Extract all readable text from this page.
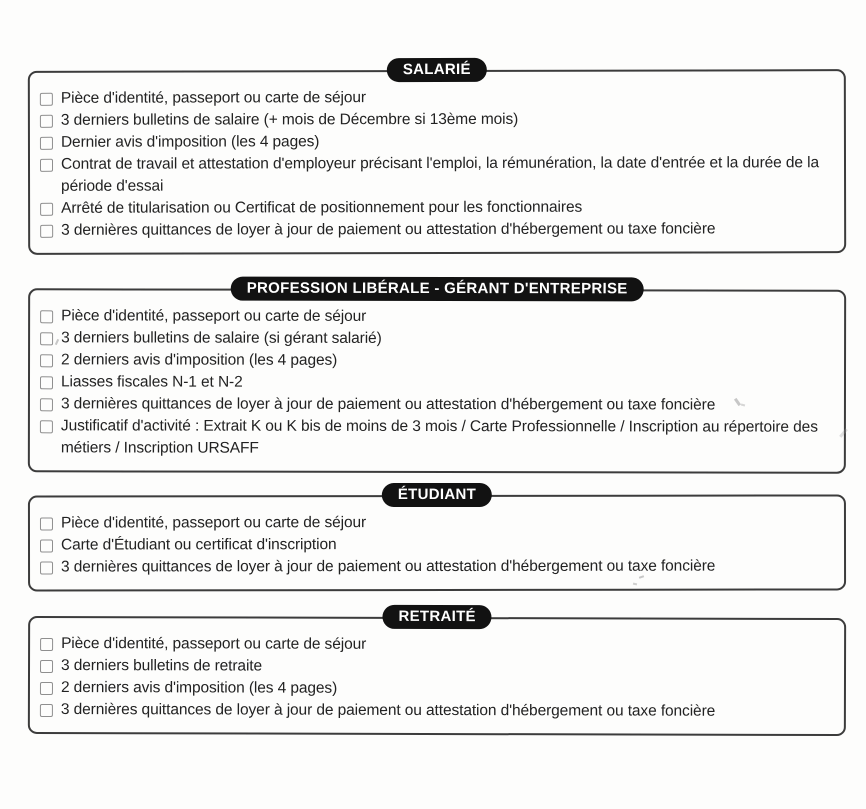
SALARIÉ
Pièce d'identité, passeport ou carte de séjour
3 derniers bulletins de salaire (+ mois de Décembre si 13ème mois)
Dernier avis d'imposition (les 4 pages)
Contrat de travail et attestation d'employeur précisant l'emploi, la rémunération, la date d'entrée et la durée de la période d'essai
Arrêté de titularisation ou Certificat de positionnement pour les fonctionnaires
3 dernières quittances de loyer à jour de paiement ou attestation d'hébergement ou taxe foncière
PROFESSION LIBÉRALE - GÉRANT D'ENTREPRISE
Pièce d'identité, passeport ou carte de séjour
3 derniers bulletins de salaire (si gérant salarié)
2 derniers avis d'imposition (les 4 pages)
Liasses fiscales N-1 et N-2
3 dernières quittances de loyer à jour de paiement ou attestation d'hébergement ou taxe foncière
Justificatif d'activité : Extrait K ou K bis de moins de 3 mois / Carte Professionnelle / Inscription au répertoire des métiers / Inscription URSAFF
ÉTUDIANT
Pièce d'identité, passeport ou carte de séjour
Carte d'Étudiant ou certificat d'inscription
3 dernières quittances de loyer à jour de paiement ou attestation d'hébergement ou taxe foncière
RETRAITÉ
Pièce d'identité, passeport ou carte de séjour
3 derniers bulletins de retraite
2 derniers avis d'imposition (les 4 pages)
3 dernières quittances de loyer à jour de paiement ou attestation d'hébergement ou taxe foncière
